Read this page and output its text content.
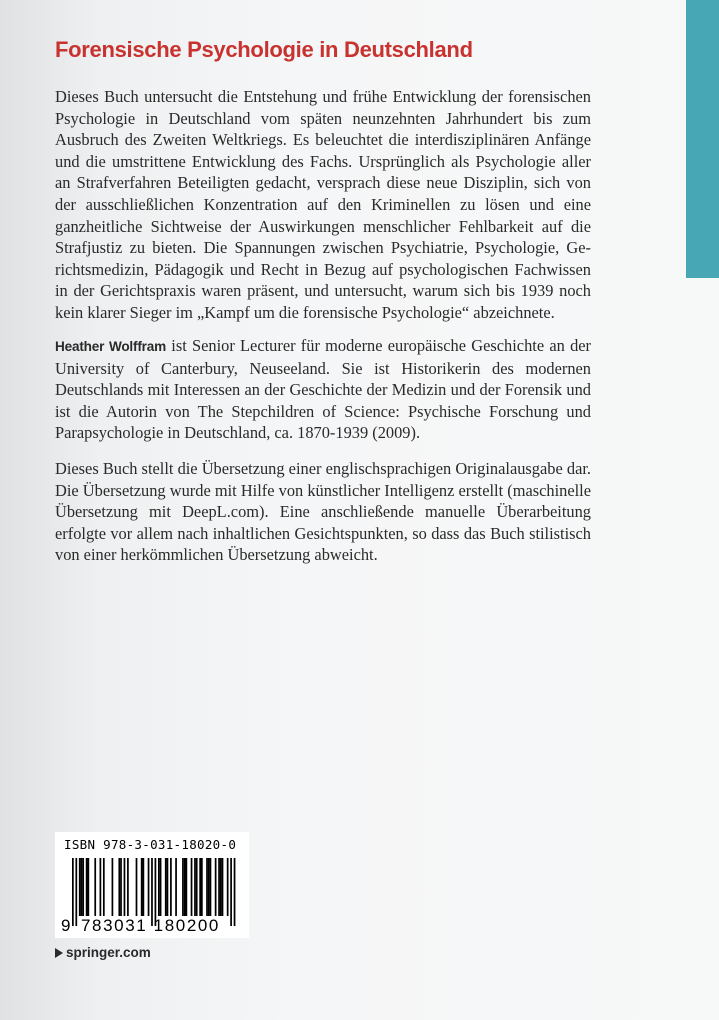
Forensische Psychologie in Deutschland

Dieses Buch untersucht die Entstehung und frühe Entwicklung der forensischen Psychologie in Deutschland vom späten neunzehnten Jahrhundert bis zum Ausbruch des Zweiten Weltkriegs. Es beleuchtet die interdisziplinären Anfänge und die umstrittene Entwicklung des Fachs. Ursprünglich als Psychologie aller an Strafverfahren Beteiligten gedacht, versprach diese neue Disziplin, sich von der ausschließlichen Konzentration auf den Kriminellen zu lösen und eine ganzheitliche Sichtweise der Auswirkungen menschlicher Fehlbarkeit auf die Strafjustiz zu bieten. Die Spannungen zwischen Psychiatrie, Psychologie, Gerichtsmedizin, Pädagogik und Recht in Bezug auf psychologischen Fachwissen in der Gerichtspraxis waren präsent, und untersucht, warum sich bis 1939 noch kein klarer Sieger im „Kampf um die forensische Psychologie“ abzeichnete.

Heather Wolffram ist Senior Lecturer für moderne europäische Geschichte an der University of Canterbury, Neuseeland. Sie ist Historikerin des modernen Deutschlands mit Interessen an der Geschichte der Medizin und der Forensik und ist die Autorin von The Stepchildren of Science: Psychische Forschung und Parapsychologie in Deutschland, ca. 1870-1939 (2009).

Dieses Buch stellt die Übersetzung einer englischsprachigen Originalausgabe dar. Die Übersetzung wurde mit Hilfe von künstlicher Intelligenz erstellt (maschinelle Übersetzung mit DeepL.com). Eine anschließende manuelle Überarbeitung erfolgte vor allem nach inhaltlichen Gesichtspunkten, so dass das Buch stilistisch von einer herkömmlichen Übersetzung abweicht.

ISBN 978-3-031-18020-0
9 783031 180200
springer.com
